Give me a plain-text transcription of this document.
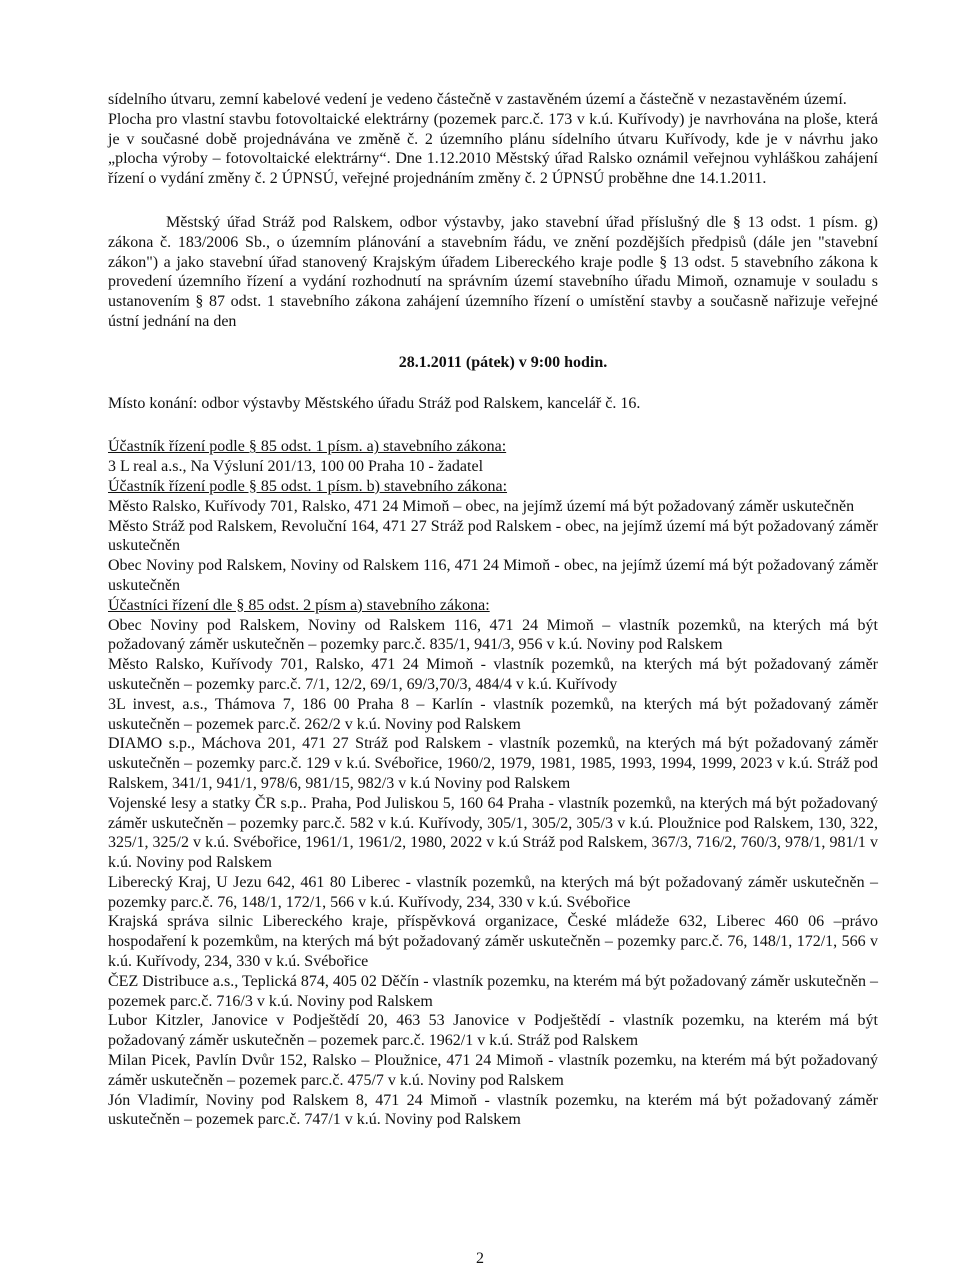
sídelního útvaru, zemní kabelové vedení je vedeno částečně v zastavěném území a částečně v nezastavěném území.

Plocha pro vlastní stavbu fotovoltaické elektrárny (pozemek parc.č. 173 v k.ú. Kuřívody) je navrhována na ploše, která je v současné době projednávána ve změně č. 2 územního plánu sídelního útvaru Kuřívody, kde je v návrhu jako „plocha výroby – fotovoltaické elektrárny“. Dne 1.12.2010 Městský úřad Ralsko oznámil veřejnou vyhláškou zahájení řízení o vydání změny č. 2 ÚPNSÚ, veřejné projednáním změny č. 2 ÚPNSÚ proběhne dne 14.1.2011.

Městský úřad Stráž pod Ralskem, odbor výstavby, jako stavební úřad příslušný dle § 13 odst. 1 písm. g) zákona č. 183/2006 Sb., o územním plánování a stavebním řádu, ve znění pozdějších předpisů (dále jen "stavební zákon") a jako stavební úřad stanovený Krajským úřadem Libereckého kraje podle § 13 odst. 5 stavebního zákona k provedení územního řízení a vydání rozhodnutí na správním území stavebního úřadu Mimoň, oznamuje v souladu s ustanovením § 87 odst. 1 stavebního zákona zahájení územního řízení o umístění stavby a současně nařizuje veřejné ústní jednání na den

28.1.2011 (pátek) v 9:00 hodin.

Místo konání: odbor výstavby Městského úřadu Stráž pod Ralskem, kancelář č. 16.

Účastník řízení podle § 85 odst. 1 písm. a) stavebního zákona:

3 L real a.s., Na Výsluní 201/13, 100 00 Praha 10 - žadatel

Účastník řízení podle § 85 odst. 1 písm. b) stavebního zákona:

Město Ralsko, Kuřívody 701, Ralsko, 471 24 Mimoň – obec, na jejímž území má být požadovaný záměr uskutečněn

Město Stráž pod Ralskem, Revoluční 164, 471 27 Stráž pod Ralskem - obec, na jejímž území má být požadovaný záměr uskutečněn

Obec Noviny pod Ralskem, Noviny od Ralskem 116, 471 24 Mimoň - obec, na jejímž území má být požadovaný záměr uskutečněn

Účastníci řízení dle § 85 odst. 2 písm a) stavebního zákona:

Obec Noviny pod Ralskem, Noviny od Ralskem 116, 471 24 Mimoň – vlastník pozemků, na kterých má být požadovaný záměr uskutečněn – pozemky parc.č. 835/1, 941/3, 956 v k.ú. Noviny pod Ralskem

Město Ralsko, Kuřívody 701, Ralsko, 471 24 Mimoň - vlastník pozemků, na kterých má být požadovaný záměr uskutečněn – pozemky parc.č. 7/1, 12/2, 69/1, 69/3,70/3, 484/4 v k.ú. Kuřívody

3L invest, a.s., Thámova 7, 186 00 Praha 8 – Karlín - vlastník pozemků, na kterých má být požadovaný záměr uskutečněn – pozemek parc.č. 262/2 v k.ú. Noviny pod Ralskem

DIAMO s.p., Máchova 201, 471 27 Stráž pod Ralskem - vlastník pozemků, na kterých má být požadovaný záměr uskutečněn – pozemky parc.č. 129 v k.ú. Svébořice, 1960/2, 1979, 1981, 1985, 1993, 1994, 1999, 2023 v k.ú. Stráž pod Ralskem, 341/1, 941/1, 978/6, 981/15, 982/3 v k.ú Noviny pod Ralskem

Vojenské lesy a statky ČR s.p.. Praha, Pod Juliskou 5, 160 64 Praha - vlastník pozemků, na kterých má být požadovaný záměr uskutečněn – pozemky parc.č. 582 v k.ú. Kuřívody, 305/1, 305/2, 305/3 v k.ú. Ploužnice pod Ralskem, 130, 322, 325/1, 325/2 v k.ú. Svébořice, 1961/1, 1961/2, 1980, 2022 v k.ú Stráž pod Ralskem, 367/3, 716/2, 760/3, 978/1, 981/1 v k.ú. Noviny pod Ralskem

Liberecký Kraj, U Jezu 642, 461 80 Liberec - vlastník pozemků, na kterých má být požadovaný záměr uskutečněn – pozemky parc.č. 76, 148/1, 172/1, 566 v k.ú. Kuřívody, 234, 330 v k.ú. Svébořice

Krajská správa silnic Libereckého kraje, příspěvková organizace, České mládeže 632, Liberec 460 06 –právo hospodaření k pozemkům, na kterých má být požadovaný záměr uskutečněn – pozemky parc.č. 76, 148/1, 172/1, 566 v k.ú. Kuřívody, 234, 330 v k.ú. Svébořice

ČEZ Distribuce a.s., Teplická 874, 405 02 Děčín - vlastník pozemku, na kterém má být požadovaný záměr uskutečněn – pozemek parc.č. 716/3 v k.ú. Noviny pod Ralskem

Lubor Kitzler, Janovice v Podještědí 20, 463 53 Janovice v Podještědí - vlastník pozemku, na kterém má být požadovaný záměr uskutečněn – pozemek parc.č. 1962/1 v k.ú. Stráž pod Ralskem

Milan Picek, Pavlín Dvůr 152, Ralsko – Ploužnice, 471 24 Mimoň - vlastník pozemku, na kterém má být požadovaný záměr uskutečněn – pozemek parc.č. 475/7 v k.ú. Noviny pod Ralskem

Jón Vladimír, Noviny pod Ralskem 8, 471 24 Mimoň - vlastník pozemku, na kterém má být požadovaný záměr uskutečněn – pozemek parc.č. 747/1 v k.ú. Noviny pod Ralskem

2
